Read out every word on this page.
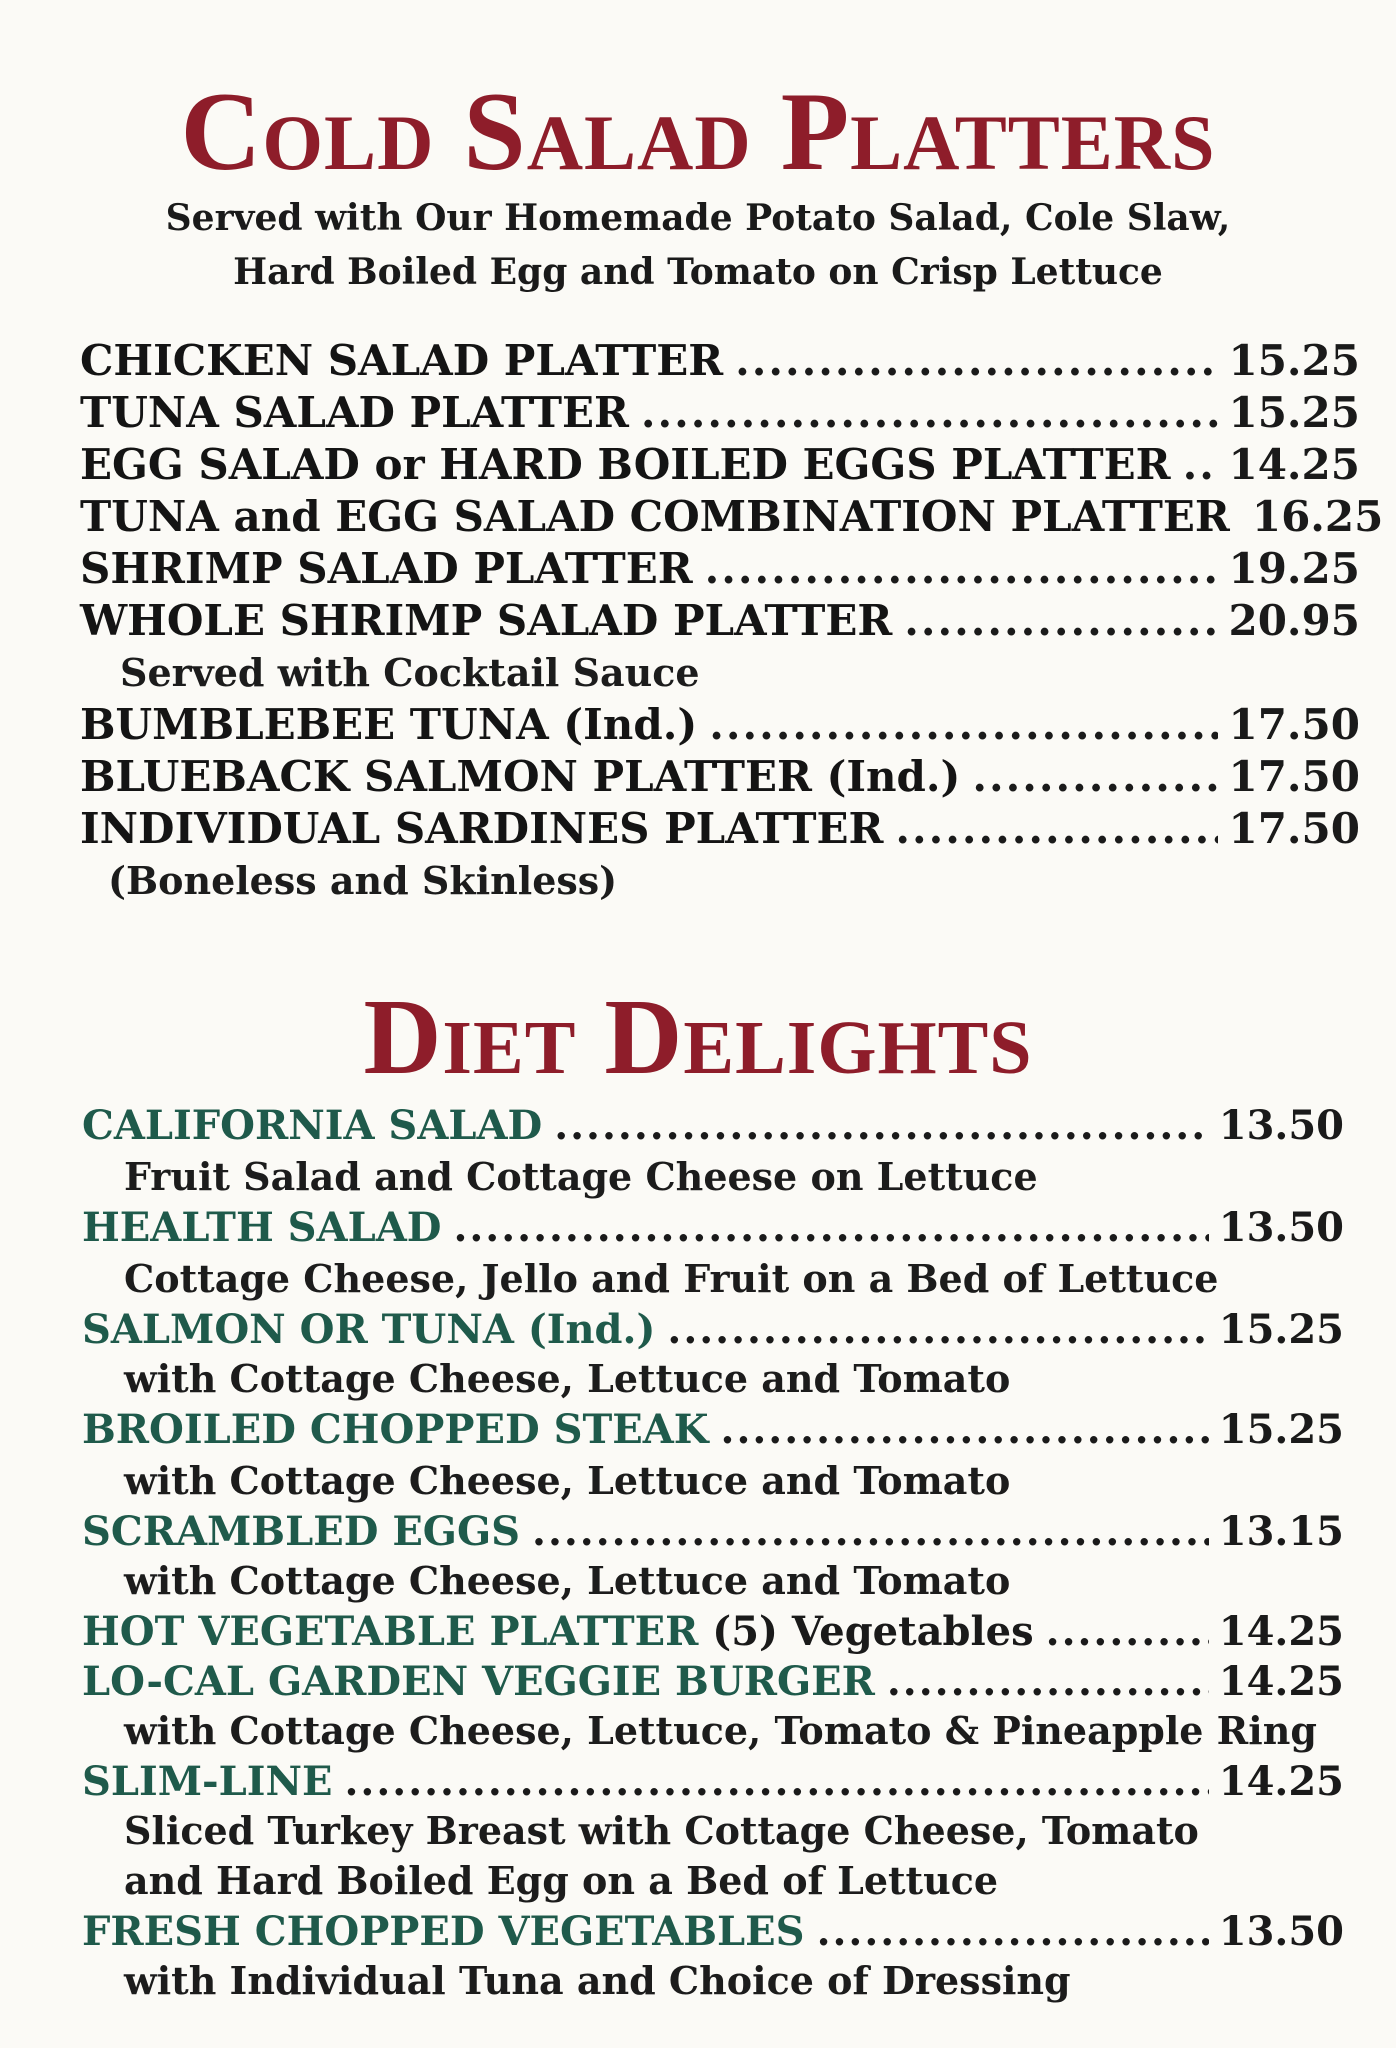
Cold Salad Platters
Served with Our Homemade Potato Salad, Cole Slaw,
Hard Boiled Egg and Tomato on Crisp Lettuce
CHICKEN SALAD PLATTER .....	15.25
TUNA SALAD PLATTER .....	15.25
EGG SALAD or HARD BOILED EGGS PLATTER ..... 14.25
TUNA and EGG SALAD COMBINATION PLATTER 16.25
SHRIMP SALAD PLATTER .....	19.25
WHOLE SHRIMP SALAD PLATTER .....	20.95
Served with Cocktail Sauce
BUMBLEBEE TUNA (Ind.) .....	17.50
BLUEBACK SALMON PLATTER (Ind.) .....	17.50
INDIVIDUAL SARDINES PLATTER .....	17.50
(Boneless and Skinless)
Diet Delights
CALIFORNIA SALAD .....	13.50
Fruit Salad and Cottage Cheese on Lettuce
HEALTH SALAD .....	13.50
Cottage Cheese, Jello and Fruit on a Bed of Lettuce
SALMON OR TUNA (Ind.) .....	15.25
with Cottage Cheese, Lettuce and Tomato
BROILED CHOPPED STEAK .....	15.25
with Cottage Cheese, Lettuce and Tomato
SCRAMBLED EGGS .....	13.15
with Cottage Cheese, Lettuce and Tomato
HOT VEGETABLE PLATTER (5) Vegetables .....	14.25
LO-CAL GARDEN VEGGIE BURGER .....	14.25
with Cottage Cheese, Lettuce, Tomato & Pineapple Ring
SLIM-LINE .....	14.25
Sliced Turkey Breast with Cottage Cheese, Tomato
and Hard Boiled Egg on a Bed of Lettuce
FRESH CHOPPED VEGETABLES .....	13.50
with Individual Tuna and Choice of Dressing
